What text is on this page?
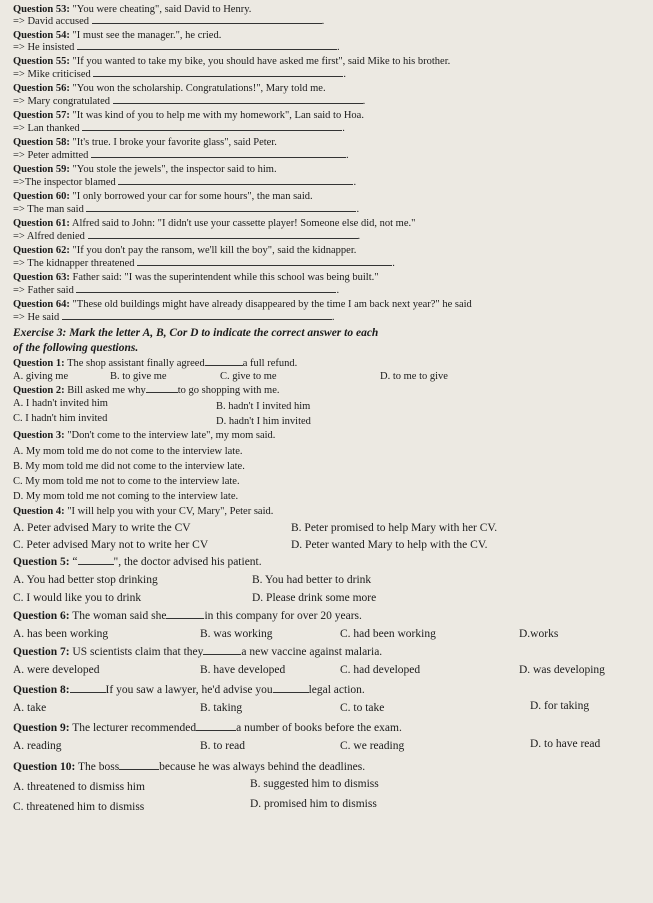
Question 53: "You were cheating", said David to Henry.
=> David accused	.
Question 54: "I must see the manager.", he cried.
=> He insisted	.
Question 55: "If you wanted to take my bike, you should have asked me first", said Mike to his brother.
=> Mike criticised	.
Question 56: "You won the scholarship. Congratulations!", Mary told me.
=> Mary congratulated	.
Question 57: "It was kind of you to help me with my homework", Lan said to Hoa.
=> Lan thanked	.
Question 58: "It's true. I broke your favorite glass", said Peter.
=> Peter admitted	.
Question 59: "You stole the jewels", the inspector said to him.
=>The inspector blamed	.
Question 60: "I only borrowed your car for some hours", the man said.
=> The man said	.
Question 61: Alfred said to John: "I didn't use your cassette player! Someone else did, not me."
=> Alfred denied	.
Question 62: "If you don't pay the ransom, we'll kill the boy", said the kidnapper.
=> The kidnapper threatened	.
Question 63: Father said: "I was the superintendent while this school was being built."
=> Father said	.
Question 64: "These old buildings might have already disappeared by the time I am back next year?" he said
=> He said	.
Exercise 3: Mark the letter A, B, Cor D to indicate the correct answer to each
of the following questions.
Question 1: The shop assistant finally agreed	a full refund.
A. giving me	B. to give me	C. give to me	D. to me to give
Question 2: Bill asked me why	to go shopping with me.
A. I hadn't invited him	B. hadn't I invited him
C. I hadn't him invited	D. hadn't I him invited
Question 3: "Don't come to the interview late", my mom said.
A. My mom told me do not come to the interview late.
B. My mom told me did not come to the interview late.
C. My mom told me not to come to the interview late.
D. My mom told me not coming to the interview late.
Question 4: "I will help you with your CV, Mary", Peter said.
A. Peter advised Mary to write the CV	B. Peter promised to help Mary with her CV.
C. Peter advised Mary not to write her CV	D. Peter wanted Mary to help with the CV.
Question 5: “	", the doctor advised his patient.
A. You had better stop drinking	B. You had better to drink
C. I would like you to drink	D. Please drink some more
Question 6: The woman said she	in this company for over 20 years.
A. has been working	B. was working	C. had been working	D.works
Question 7: US scientists claim that they	a new vaccine against malaria.
A. were developed	B. have developed	C. had developed	D. was developing
Question 8:	If you saw a lawyer, he'd advise you	legal action.
A. take	B. taking	C. to take	D. for taking
Question 9: The lecturer recommended	a number of books before the exam.
A. reading	B. to read	C. we reading	D. to have read
Question 10: The boss	because he was always behind the deadlines.
A. threatened to dismiss him	B. suggested him to dismiss
C. threatened him to dismiss	D. promised him to dismiss
